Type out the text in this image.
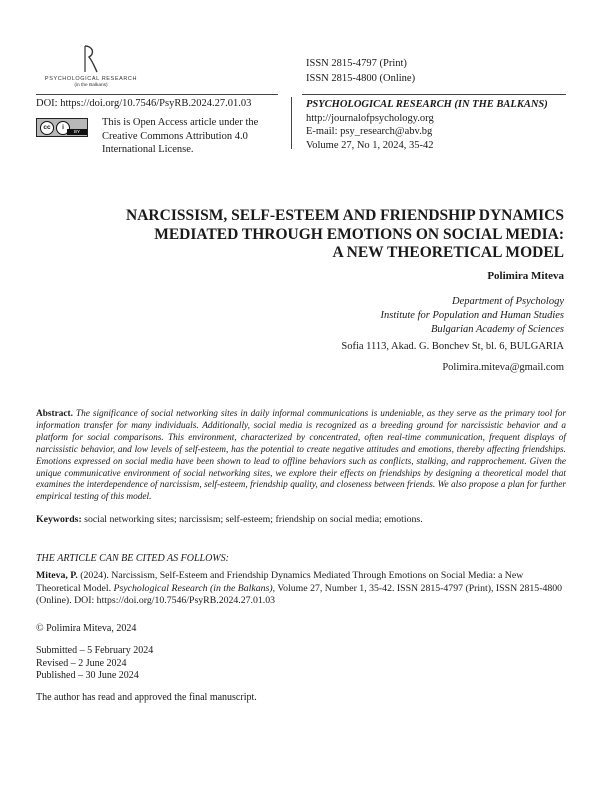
PSYCHOLOGICAL RESEARCH
(in the Balkans)
ISSN 2815-4797 (Print)
ISSN 2815-4800 (Online)
DOI: https://doi.org/10.7546/PsyRB.2024.27.01.03
cc	i
BY
This is Open Access article under the
Creative Commons Attribution 4.0
International License.
PSYCHOLOGICAL RESEARCH (IN THE BALKANS)
http://journalofpsychology.org
E-mail: psy_research@abv.bg
Volume 27, No 1, 2024, 35-42
NARCISSISM, SELF-ESTEEM AND FRIENDSHIP DYNAMICS
MEDIATED THROUGH EMOTIONS ON SOCIAL MEDIA:
A NEW THEORETICAL MODEL
Polimira Miteva
Department of Psychology
Institute for Population and Human Studies
Bulgarian Academy of Sciences
Sofia 1113, Akad. G. Bonchev St, bl. 6, BULGARIA
Polimira.miteva@gmail.com
Abstract. The significance of social networking sites in daily informal communications is undeniable, as they serve as the primary tool for information transfer for many individuals. Additionally, social media is recognized as a breeding ground for narcissistic behavior and a platform for social comparisons. This environment, characterized by concentrated, often real-time communication, frequent displays of narcissistic behavior, and low levels of self-esteem, has the potential to create negative attitudes and emotions, thereby affecting friendships. Emotions expressed on social media have been shown to lead to offline behaviors such as conflicts, stalking, and rapprochement. Given the unique communicative environment of social networking sites, we explore their effects on friendships by designing a theoretical model that examines the interdependence of narcissism, self-esteem, friendship quality, and closeness between friends. We also propose a plan for further empirical testing of this model.
Keywords: social networking sites; narcissism; self-esteem; friendship on social media; emotions.
THE ARTICLE CAN BE CITED AS FOLLOWS:
Miteva, P. (2024). Narcissism, Self-Esteem and Friendship Dynamics Mediated Through Emotions on Social Media: a New Theoretical Model. Psychological Research (in the Balkans), Volume 27, Number 1, 35-42. ISSN 2815-4797 (Print), ISSN 2815-4800 (Online). DOI: https://doi.org/10.7546/PsyRB.2024.27.01.03
© Polimira Miteva, 2024
Submitted – 5 February 2024
Revised – 2 June 2024
Published – 30 June 2024
The author has read and approved the final manuscript.
